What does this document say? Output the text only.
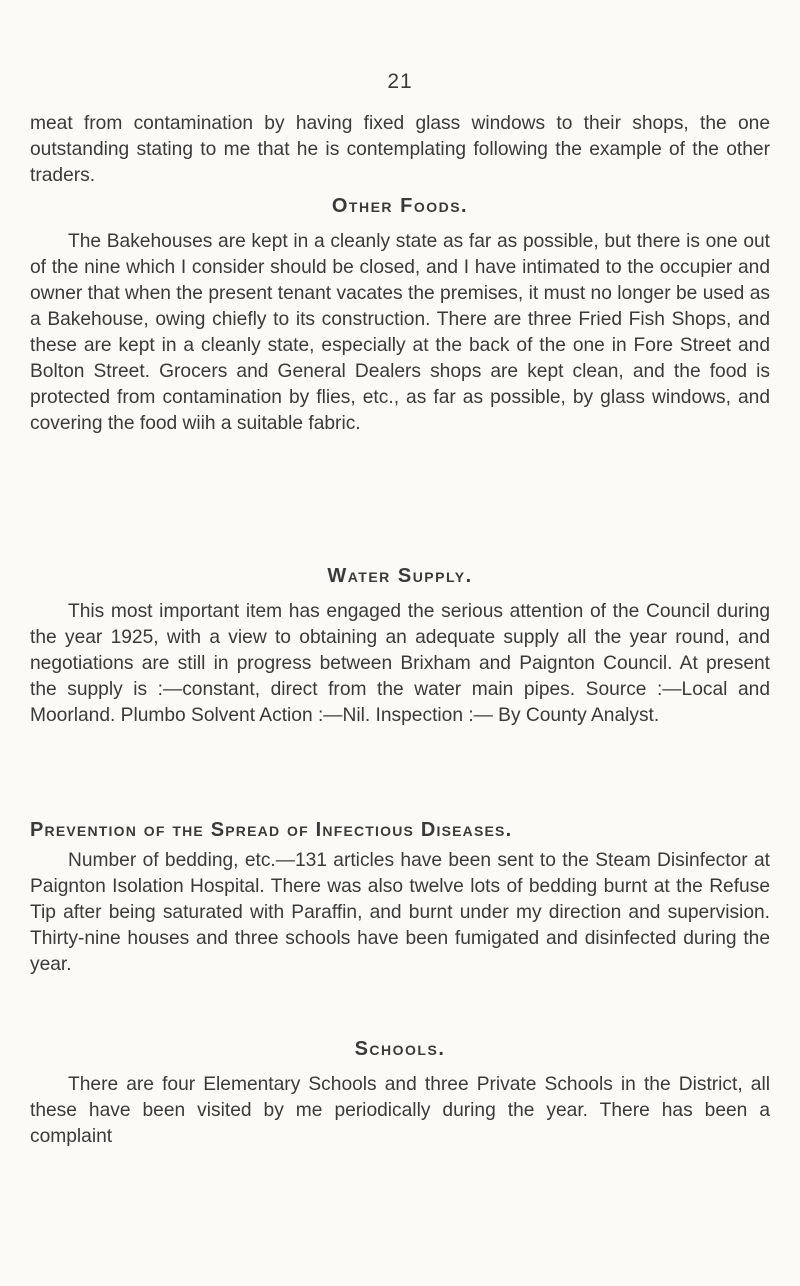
21

meat from contamination by having fixed glass windows to their shops, the one outstanding stating to me that he is contemplating following the example of the other traders.

Other Foods.

The Bakehouses are kept in a cleanly state as far as possible, but there is one out of the nine which I consider should be closed, and I have intimated to the occupier and owner that when the present tenant vacates the premises, it must no longer be used as a Bakehouse, owing chiefly to its construction. There are three Fried Fish Shops, and these are kept in a cleanly state, especially at the back of the one in Fore Street and Bolton Street. Grocers and General Dealers shops are kept clean, and the food is protected from contamination by flies, etc., as far as possible, by glass windows, and covering the food wiih a suitable fabric.

Water Supply.

This most important item has engaged the serious attention of the Council during the year 1925, with a view to obtaining an adequate supply all the year round, and negotiations are still in progress between Brixham and Paignton Council. At present the supply is :—constant, direct from the water main pipes. Source :—Local and Moorland. Plumbo Solvent Action :—Nil. Inspection :— By County Analyst.

Prevention of the Spread of Infectious Diseases.

Number of bedding, etc.—131 articles have been sent to the Steam Disinfector at Paignton Isolation Hospital. There was also twelve lots of bedding burnt at the Refuse Tip after being saturated with Paraffin, and burnt under my direction and supervision. Thirty-nine houses and three schools have been fumigated and disinfected during the year.

Schools.

There are four Elementary Schools and three Private Schools in the District, all these have been visited by me periodically during the year. There has been a complaint
